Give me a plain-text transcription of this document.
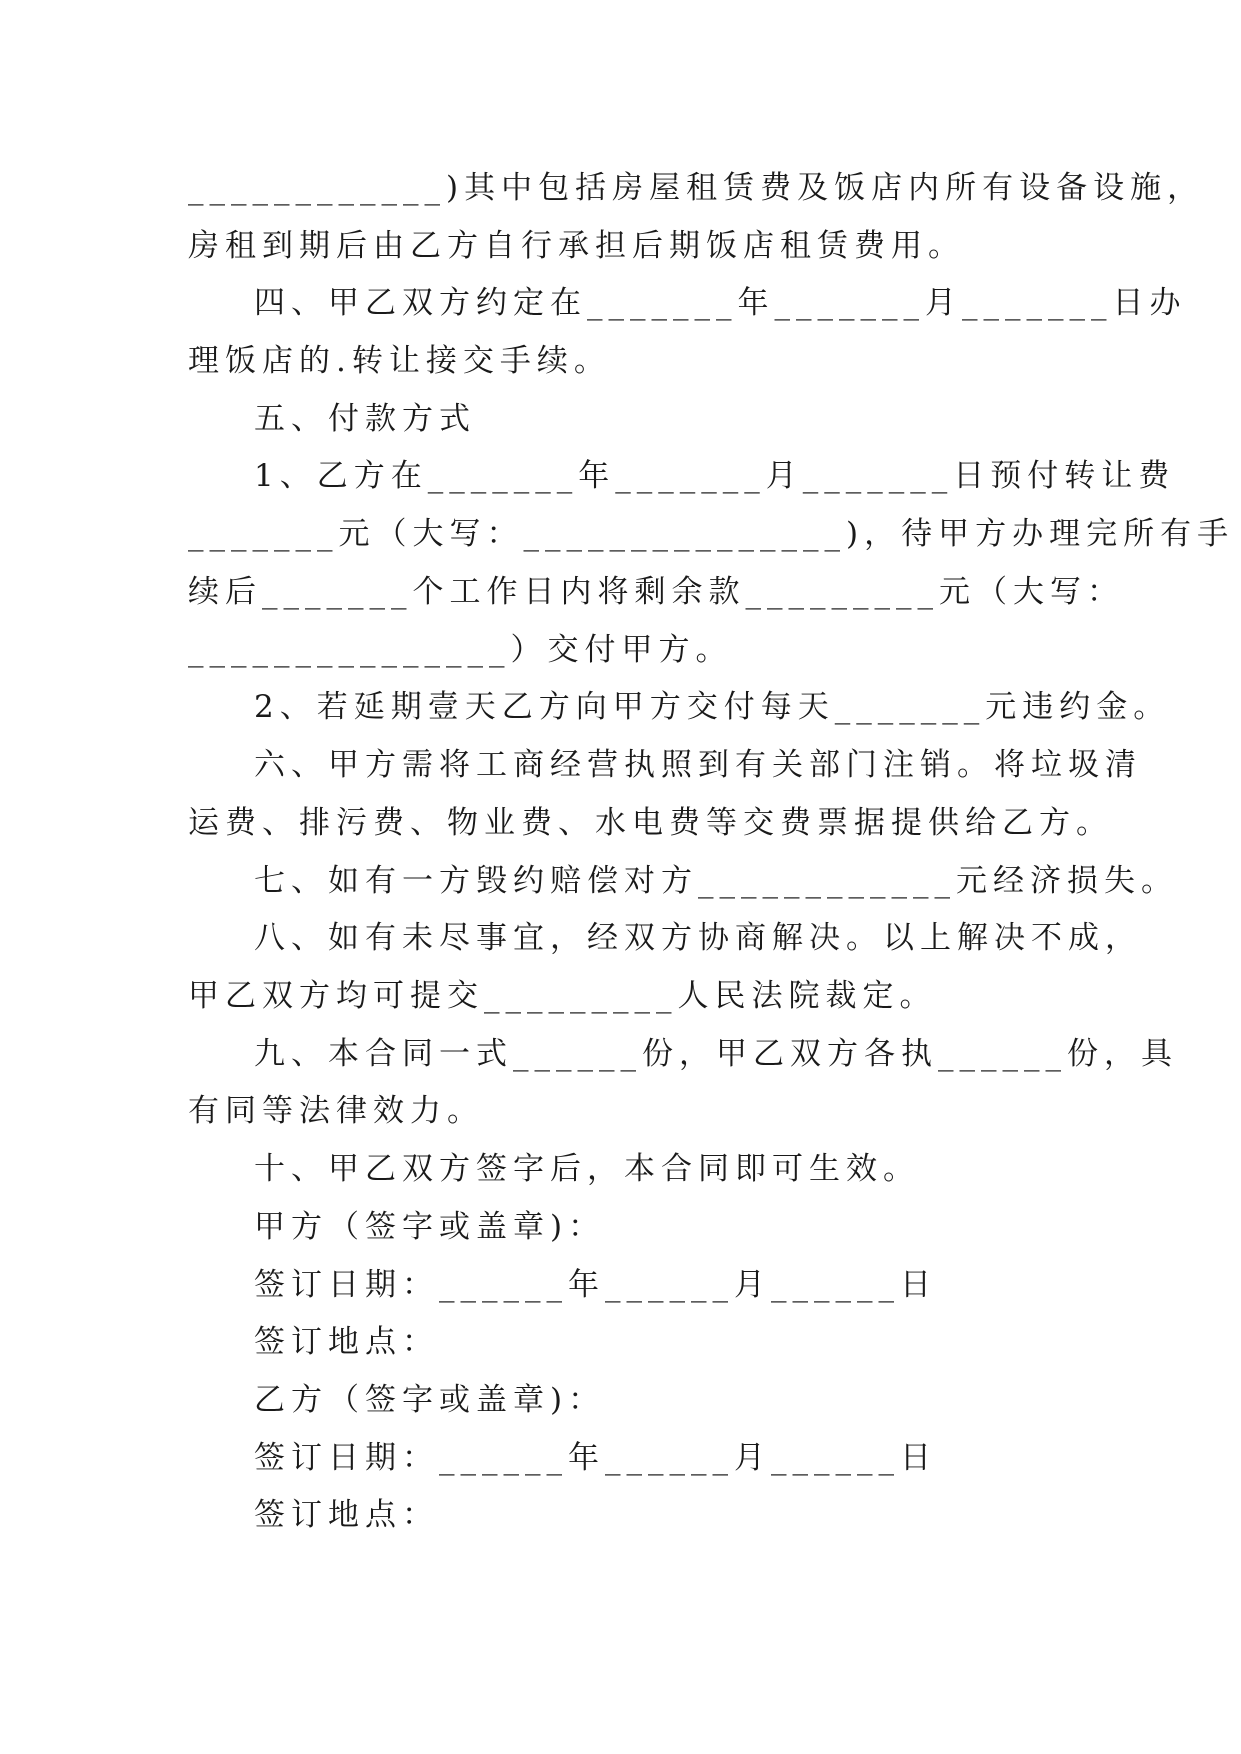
____________)其中包括房屋租赁费及饭店内所有设备设施，
房租到期后由乙方自行承担后期饭店租赁费用。
四、甲乙双方约定在_______年_______月_______日办
理饭店的.转让接交手续。
五、付款方式
1、乙方在_______年_______月_______日预付转让费
_______元（大写：_______________)，待甲方办理完所有手
续后_______个工作日内将剩余款_________元（大写：
_______________）交付甲方。
2、若延期壹天乙方向甲方交付每天_______元违约金。
六、甲方需将工商经营执照到有关部门注销。将垃圾清
运费、排污费、物业费、水电费等交费票据提供给乙方。
七、如有一方毁约赔偿对方____________元经济损失。
八、如有未尽事宜，经双方协商解决。以上解决不成，
甲乙双方均可提交_________人民法院裁定。
九、本合同一式______份，甲乙双方各执______份，具
有同等法律效力。
十、甲乙双方签字后，本合同即可生效。
甲方（签字或盖章)：
签订日期：______年______月______日
签订地点：
乙方（签字或盖章)：
签订日期：______年______月______日
签订地点：
